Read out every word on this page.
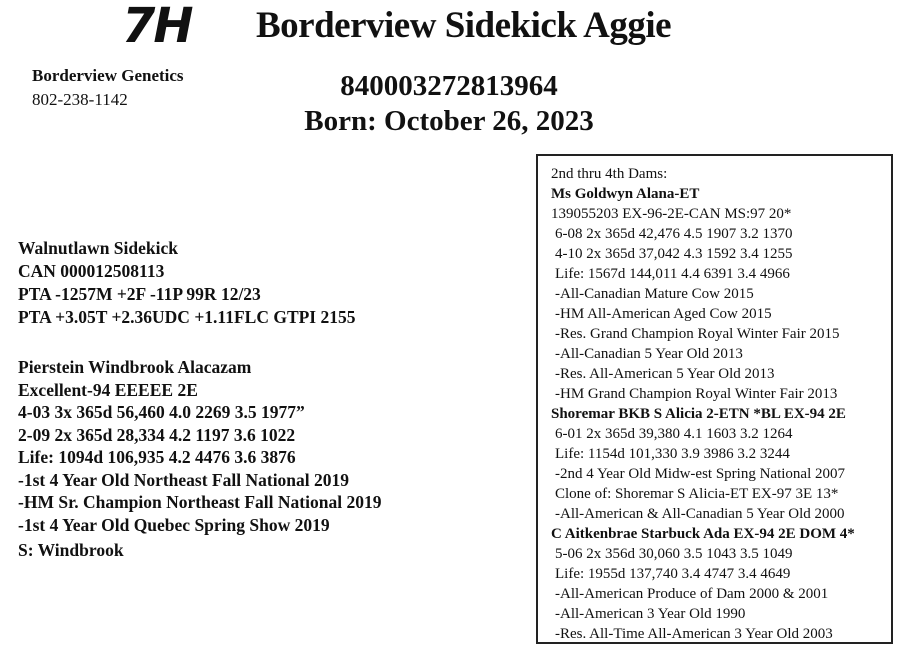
7H Borderview Sidekick Aggie
Borderview Genetics
802-238-1142	840003272813964
Born: October 26, 2023
Walnutlawn Sidekick
CAN 000012508113
PTA -1257M +2F -11P 99R 12/23
PTA +3.05T +2.36UDC +1.11FLC GTPI 2155
Pierstein Windbrook Alacazam
Excellent-94 EEEEE 2E
4-03 3x 365d 56,460 4.0 2269 3.5 1977”
2-09 2x 365d 28,334 4.2 1197 3.6 1022
Life: 1094d 106,935 4.2 4476 3.6 3876
-1st 4 Year Old Northeast Fall National 2019
-HM Sr. Champion Northeast Fall National 2019
-1st 4 Year Old Quebec Spring Show 2019
S: Windbrook
2nd thru 4th Dams:
Ms Goldwyn Alana-ET
139055203 EX-96-2E-CAN MS:97 20*
6-08 2x 365d 42,476 4.5 1907 3.2 1370
4-10 2x 365d 37,042 4.3 1592 3.4 1255
Life: 1567d 144,011 4.4 6391 3.4 4966
-All-Canadian Mature Cow 2015
-HM All-American Aged Cow 2015
-Res. Grand Champion Royal Winter Fair 2015
-All-Canadian 5 Year Old 2013
-Res. All-American 5 Year Old 2013
-HM Grand Champion Royal Winter Fair 2013
Shoremar BKB S Alicia 2-ETN *BL EX-94 2E
6-01 2x 365d 39,380 4.1 1603 3.2 1264
Life: 1154d 101,330 3.9 3986 3.2 3244
-2nd 4 Year Old Midw-est Spring National 2007
Clone of: Shoremar S Alicia-ET EX-97 3E 13*
-All-American & All-Canadian 5 Year Old 2000
C Aitkenbrae Starbuck Ada EX-94 2E DOM 4*
5-06 2x 356d 30,060 3.5 1043 3.5 1049
Life: 1955d 137,740 3.4 4747 3.4 4649
-All-American Produce of Dam 2000 & 2001
-All-American 3 Year Old 1990
-Res. All-Time All-American 3 Year Old 2003
